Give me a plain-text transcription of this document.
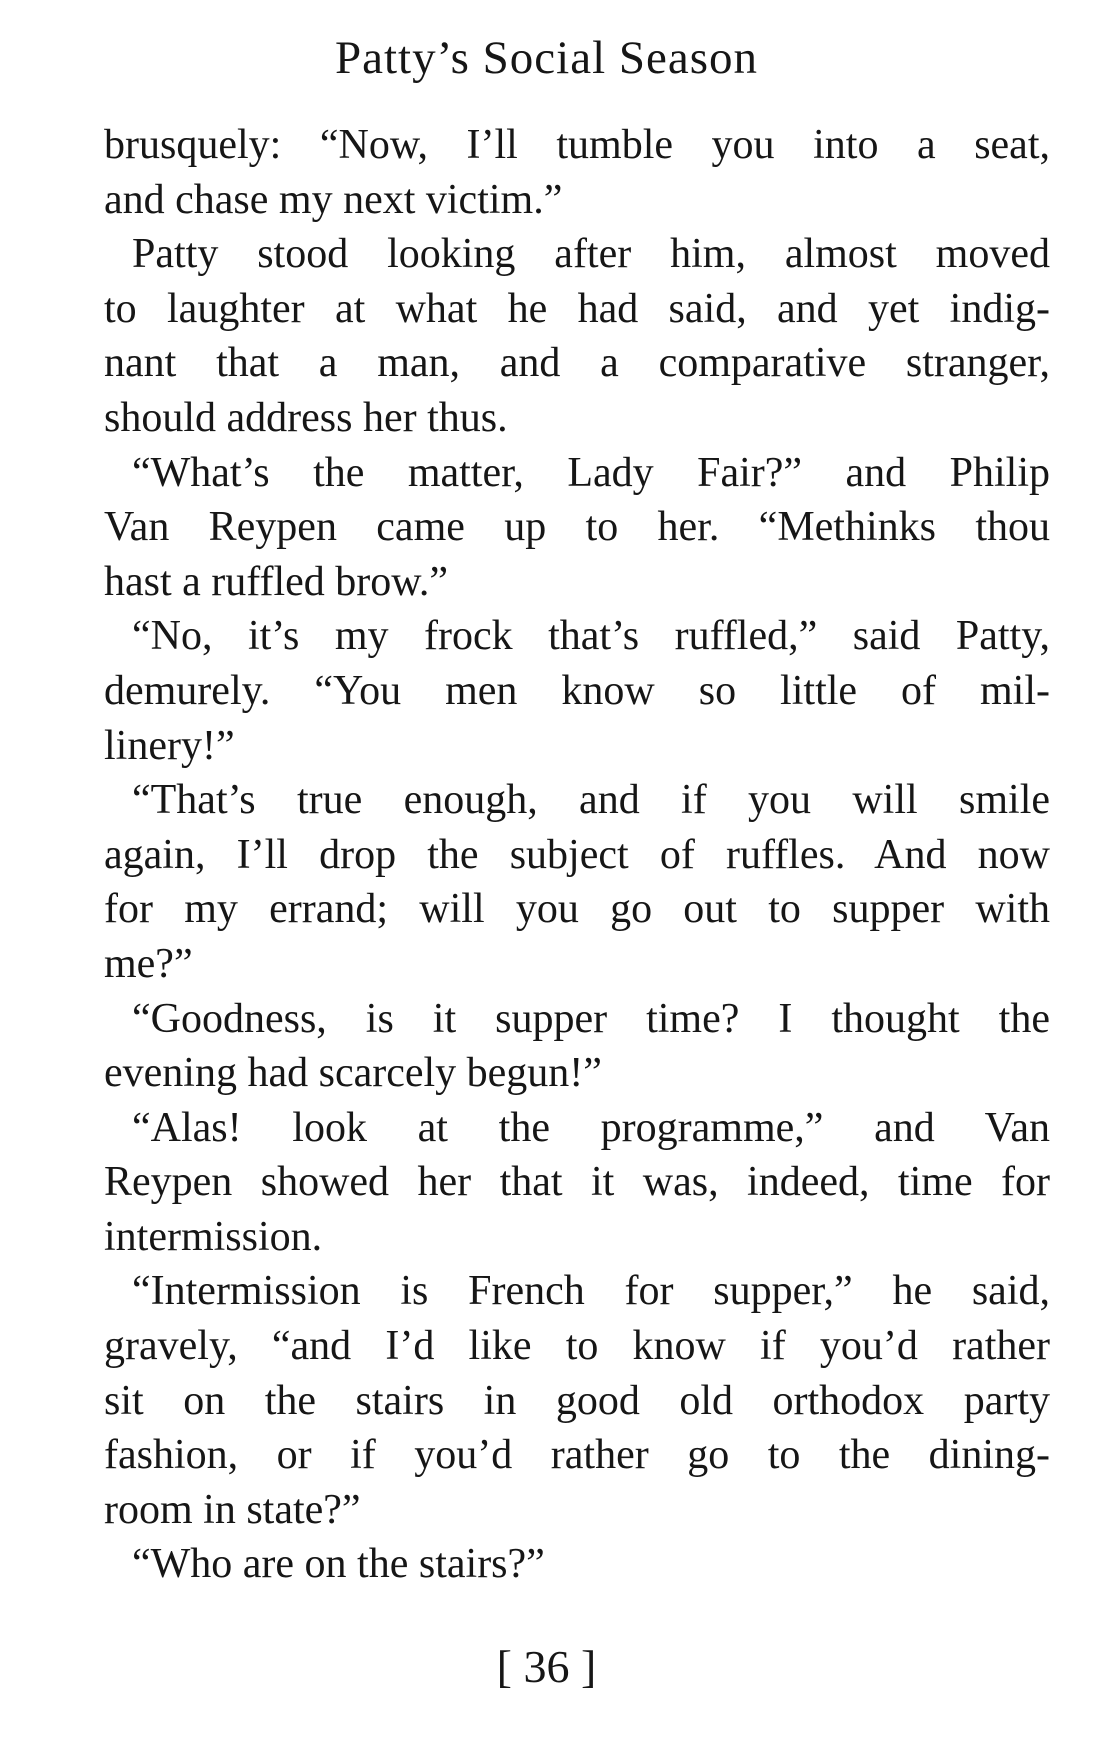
Patty’s Social Season
brusquely: “Now, I’ll tumble you into a seat,
and chase my next victim.”
Patty stood looking after him, almost moved
to laughter at what he had said, and yet indig-
nant that a man, and a comparative stranger,
should address her thus.
“What’s the matter, Lady Fair?” and Philip
Van Reypen came up to her. “Methinks thou
hast a ruffled brow.”
“No, it’s my frock that’s ruffled,” said Patty,
demurely. “You men know so little of mil-
linery!”
“That’s true enough, and if you will smile
again, I’ll drop the subject of ruffles. And now
for my errand; will you go out to supper with
me?”
“Goodness, is it supper time? I thought the
evening had scarcely begun!”
“Alas! look at the programme,” and Van
Reypen showed her that it was, indeed, time for
intermission.
“Intermission is French for supper,” he said,
gravely, “and I’d like to know if you’d rather
sit on the stairs in good old orthodox party
fashion, or if you’d rather go to the dining-
room in state?”
“Who are on the stairs?”
[ 36 ]
